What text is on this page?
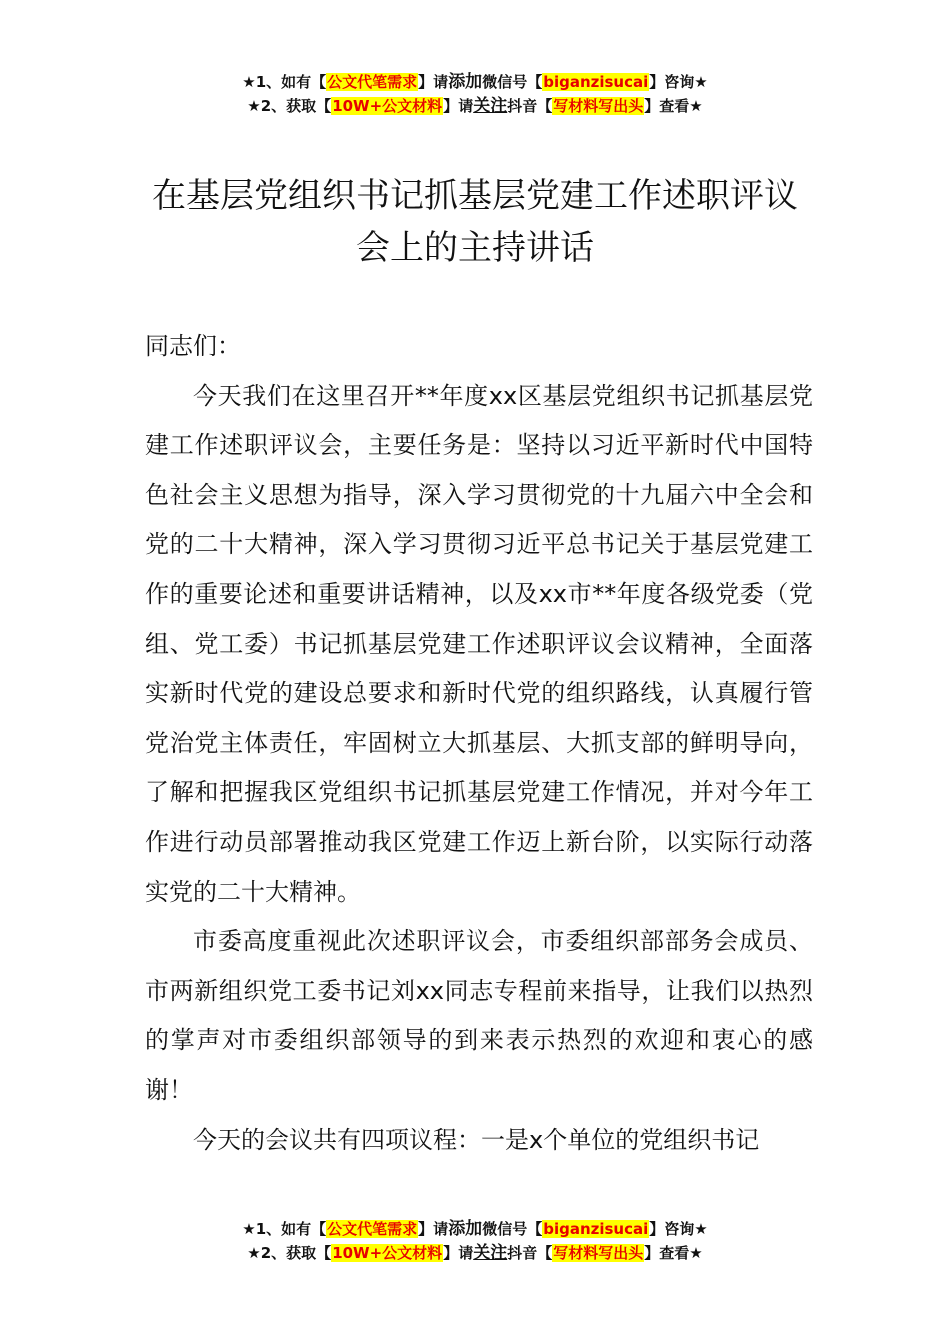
★1、如有【公文代笔需求】请添加微信号【biganzisucai】咨询★
★2、获取【10W+公文材料】请关注抖音【写材料写出头】查看★
在基层党组织书记抓基层党建工作述职评议会上的主持讲话

同志们：

今天我们在这里召开**年度xx区基层党组织书记抓基层党建工作述职评议会，主要任务是：坚持以习近平新时代中国特色社会主义思想为指导，深入学习贯彻党的十九届六中全会和党的二十大精神，深入学习贯彻习近平总书记关于基层党建工作的重要论述和重要讲话精神，以及xx市**年度各级党委（党组、党工委）书记抓基层党建工作述职评议会议精神，全面落实新时代党的建设总要求和新时代党的组织路线，认真履行管党治党主体责任，牢固树立大抓基层、大抓支部的鲜明导向，了解和把握我区党组织书记抓基层党建工作情况，并对今年工作进行动员部署推动我区党建工作迈上新台阶，以实际行动落实党的二十大精神。

市委高度重视此次述职评议会，市委组织部部务会成员、市两新组织党工委书记刘xx同志专程前来指导，让我们以热烈的掌声对市委组织部领导的到来表示热烈的欢迎和衷心的感谢！

今天的会议共有四项议程：一是x个单位的党组织书记

★1、如有【公文代笔需求】请添加微信号【biganzisucai】咨询★
★2、获取【10W+公文材料】请关注抖音【写材料写出头】查看★
